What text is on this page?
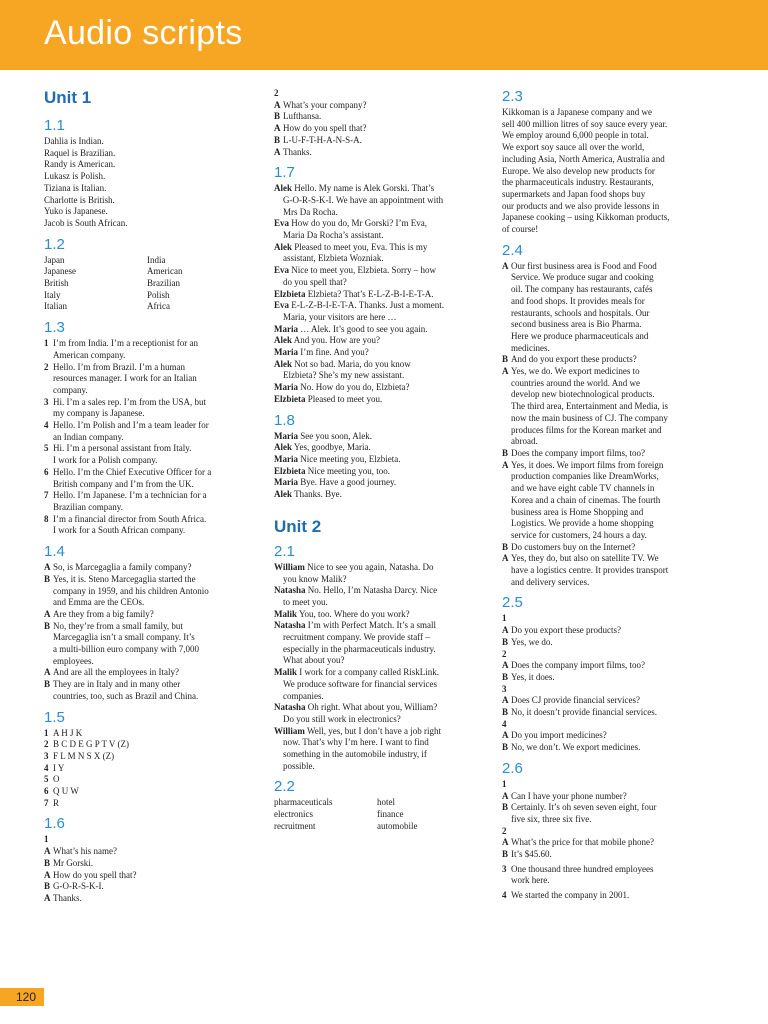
Audio scripts
Unit 1
1.1
Dahlia is Indian.
Raquel is Brazilian.
Randy is American.
Lukasz is Polish.
Tiziana is Italian.
Charlotte is British.
Yuko is Japanese.
Jacob is South African.
1.2
Japan	India
Japanese	American
British	Brazilian
Italy	Polish
Italian	Africa
1.3
1 I’m from India. I’m a receptionist for an
American company.
2 Hello. I’m from Brazil. I’m a human
resources manager. I work for an Italian
company.
3 Hi. I’m a sales rep. I’m from the USA, but
my company is Japanese.
4 Hello. I’m Polish and I’m a team leader for
an Indian company.
5 Hi. I’m a personal assistant from Italy.
I work for a Polish company.
6 Hello. I’m the Chief Executive Officer for a
British company and I’m from the UK.
7 Hello. I’m Japanese. I’m a technician for a
Brazilian company.
8 I’m a financial director from South Africa.
I work for a South African company.
1.4
A So, is Marcegaglia a family company?
B Yes, it is. Steno Marcegaglia started the
company in 1959, and his children Antonio
and Emma are the CEOs.
A Are they from a big family?
B No, they’re from a small family, but
Marcegaglia isn’t a small company. It’s
a multi-billion euro company with 7,000
employees.
A And are all the employees in Italy?
B They are in Italy and in many other
countries, too, such as Brazil and China.
1.5
1 A H J K
2 B C D E G P T V (Z)
3 F L M N S X (Z)
4 I Y
5 O
6 Q U W
7 R
1.6
1
A What’s his name?
B Mr Gorski.
A How do you spell that?
B G-O-R-S-K-I.
A Thanks.
2
A What’s your company?
B Lufthansa.
A How do you spell that?
B L-U-F-T-H-A-N-S-A.
A Thanks.
1.7
Alek Hello. My name is Alek Gorski. That’s
G-O-R-S-K-I. We have an appointment with
Mrs Da Rocha.
Eva How do you do, Mr Gorski? I’m Eva,
Maria Da Rocha’s assistant.
Alek Pleased to meet you, Eva. This is my
assistant, Elzbieta Wozniak.
Eva Nice to meet you, Elzbieta. Sorry – how
do you spell that?
Elzbieta Elzbieta? That’s E-L-Z-B-I-E-T-A.
Eva E-L-Z-B-I-E-T-A. Thanks. Just a moment.
Maria, your visitors are here …
Maria … Alek. It’s good to see you again.
Alek And you. How are you?
Maria I’m fine. And you?
Alek Not so bad. Maria, do you know
Elzbieta? She’s my new assistant.
Maria No. How do you do, Elzbieta?
Elzbieta Pleased to meet you.
1.8
Maria See you soon, Alek.
Alek Yes, goodbye, Maria.
Maria Nice meeting you, Elzbieta.
Elzbieta Nice meeting you, too.
Maria Bye. Have a good journey.
Alek Thanks. Bye.
Unit 2
2.1
William Nice to see you again, Natasha. Do
you know Malik?
Natasha No. Hello, I’m Natasha Darcy. Nice
to meet you.
Malik You, too. Where do you work?
Natasha I’m with Perfect Match. It’s a small
recruitment company. We provide staff –
especially in the pharmaceuticals industry.
What about you?
Malik I work for a company called RiskLink.
We produce software for financial services
companies.
Natasha Oh right. What about you, William?
Do you still work in electronics?
William Well, yes, but I don’t have a job right
now. That’s why I’m here. I want to find
something in the automobile industry, if
possible.
2.2
pharmaceuticals	hotel
electronics	finance
recruitment	automobile
2.3
Kikkoman is a Japanese company and we
sell 400 million litres of soy sauce every year.
We employ around 6,000 people in total.
We export soy sauce all over the world,
including Asia, North America, Australia and
Europe. We also develop new products for
the pharmaceuticals industry. Restaurants,
supermarkets and Japan food shops buy
our products and we also provide lessons in
Japanese cooking – using Kikkoman products,
of course!
2.4
A Our first business area is Food and Food
Service. We produce sugar and cooking
oil. The company has restaurants, cafés
and food shops. It provides meals for
restaurants, schools and hospitals. Our
second business area is Bio Pharma.
Here we produce pharmaceuticals and
medicines.
B And do you export these products?
A Yes, we do. We export medicines to
countries around the world. And we
develop new biotechnological products.
The third area, Entertainment and Media, is
now the main business of CJ. The company
produces films for the Korean market and
abroad.
B Does the company import films, too?
A Yes, it does. We import films from foreign
production companies like DreamWorks,
and we have eight cable TV channels in
Korea and a chain of cinemas. The fourth
business area is Home Shopping and
Logistics. We provide a home shopping
service for customers, 24 hours a day.
B Do customers buy on the Internet?
A Yes, they do, but also on satellite TV. We
have a logistics centre. It provides transport
and delivery services.
2.5
1
A Do you export these products?
B Yes, we do.
2
A Does the company import films, too?
B Yes, it does.
3
A Does CJ provide financial services?
B No, it doesn’t provide financial services.
4
A Do you import medicines?
B No, we don’t. We export medicines.
2.6
1
A Can I have your phone number?
B Certainly. It’s oh seven seven eight, four
five six, three six five.
2
A What’s the price for that mobile phone?
B It’s $45.60.
3 One thousand three hundred employees
work here.
4 We started the company in 2001.
120
